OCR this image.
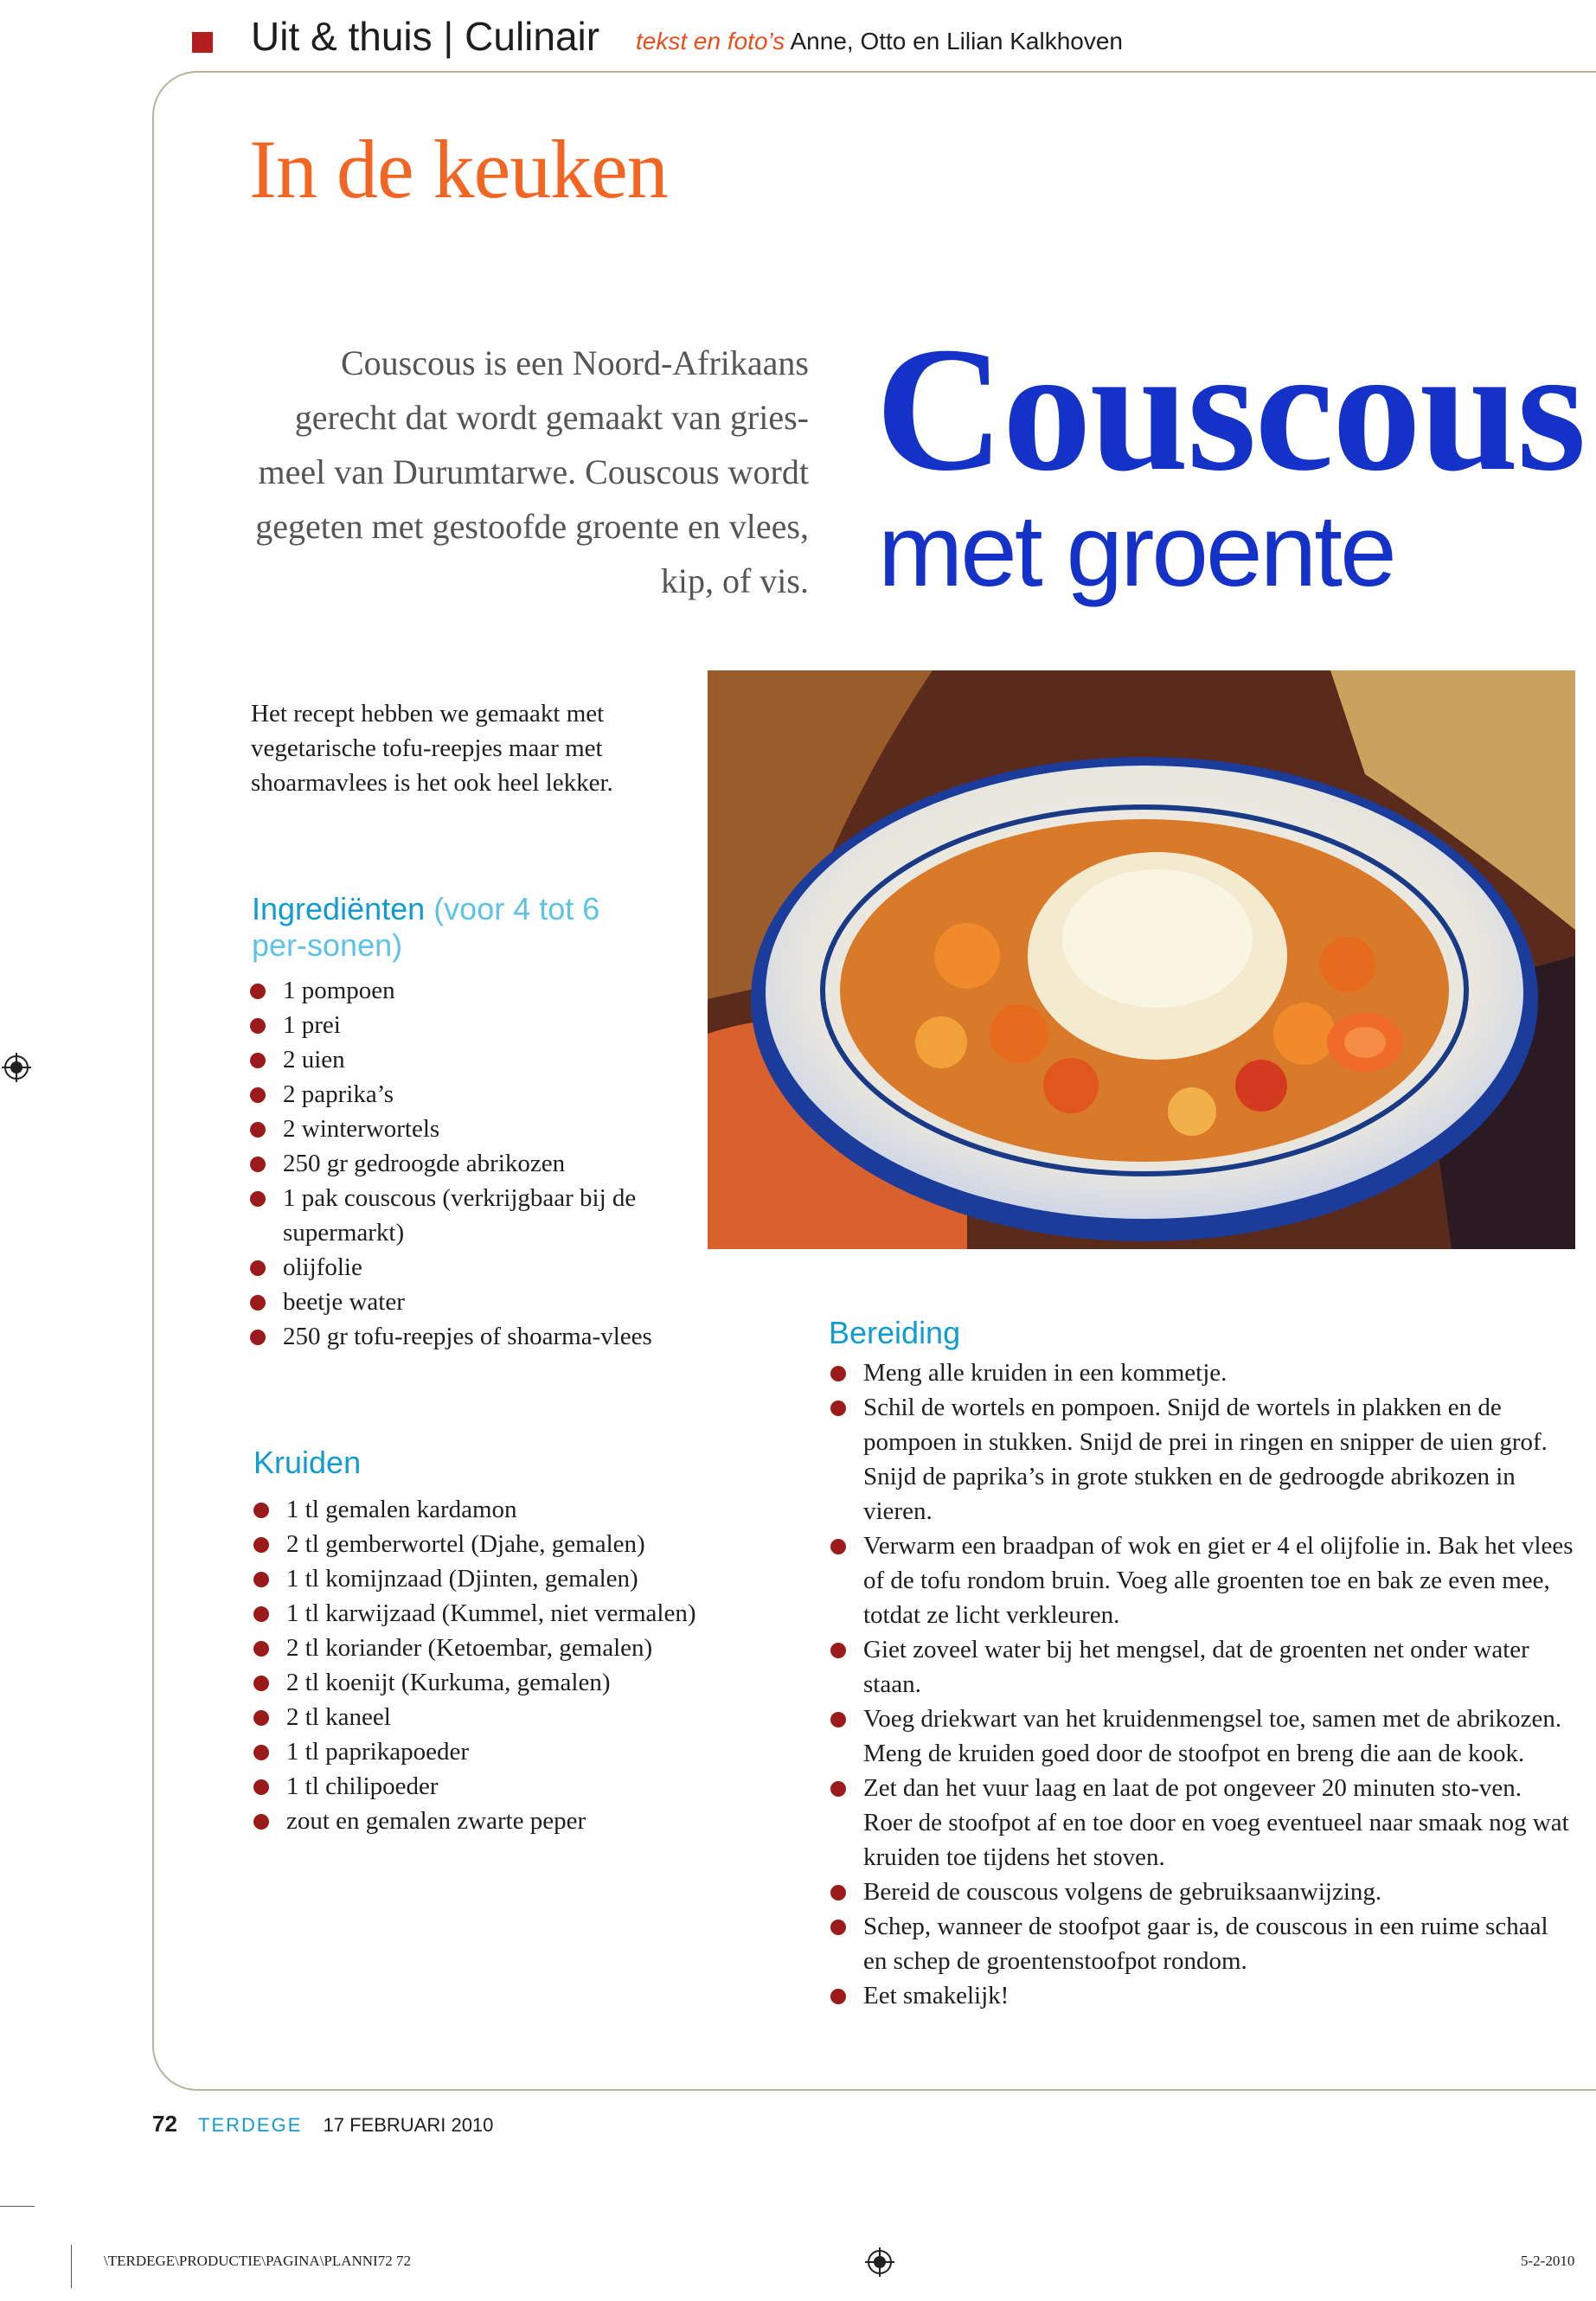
Uit & thuis | Culinair tekst en foto’s Anne, Otto en Lilian Kalkhoven
In de keuken
Couscous is een Noord-Afrikaans gerecht dat wordt gemaakt van gries-meel van Durumtarwe. Couscous wordt gegeten met gestoofde groente en vlees, kip, of vis.
Couscous
met groente
Het recept hebben we gemaakt met vegetarische tofu-reepjes maar met shoarmavlees is het ook heel lekker.
Ingrediënten (voor 4 tot 6 per-sonen)
1 pompoen
1 prei
2 uien
2 paprika’s
2 winterwortels
250 gr gedroogde abrikozen
1 pak couscous (verkrijgbaar bij de supermarkt)
olijfolie
beetje water
250 gr tofu-reepjes of shoarma-vlees
Kruiden
1 tl gemalen kardamon
2 tl gemberwortel (Djahe, gemalen)
1 tl komijnzaad (Djinten, gemalen)
1 tl karwijzaad (Kummel, niet vermalen)
2 tl koriander (Ketoembar, gemalen)
2 tl koenijt (Kurkuma, gemalen)
2 tl kaneel
1 tl paprikapoeder
1 tl chilipoeder
zout en gemalen zwarte peper
Bereiding
Meng alle kruiden in een kommetje.
Schil de wortels en pompoen. Snijd de wortels in plakken en de pompoen in stukken. Snijd de prei in ringen en snipper de uien grof. Snijd de paprika’s in grote stukken en de gedroogde abrikozen in vieren.
Verwarm een braadpan of wok en giet er 4 el olijfolie in. Bak het vlees of de tofu rondom bruin. Voeg alle groenten toe en bak ze even mee, totdat ze licht verkleuren.
Giet zoveel water bij het mengsel, dat de groenten net onder water staan.
Voeg driekwart van het kruidenmengsel toe, samen met de abrikozen. Meng de kruiden goed door de stoofpot en breng die aan de kook.
Zet dan het vuur laag en laat de pot ongeveer 20 minuten sto-ven. Roer de stoofpot af en toe door en voeg eventueel naar smaak nog wat kruiden toe tijdens het stoven.
Bereid de couscous volgens de gebruiksaanwijzing.
Schep, wanneer de stoofpot gaar is, de couscous in een ruime schaal en schep de groentenstoofpot rondom.
Eet smakelijk!
72 TERDEGE 17 FEBRUARI 2010
\TERDEGE\PRODUCTIE\PAGINA\PLANNI72 72	5-2-2010
